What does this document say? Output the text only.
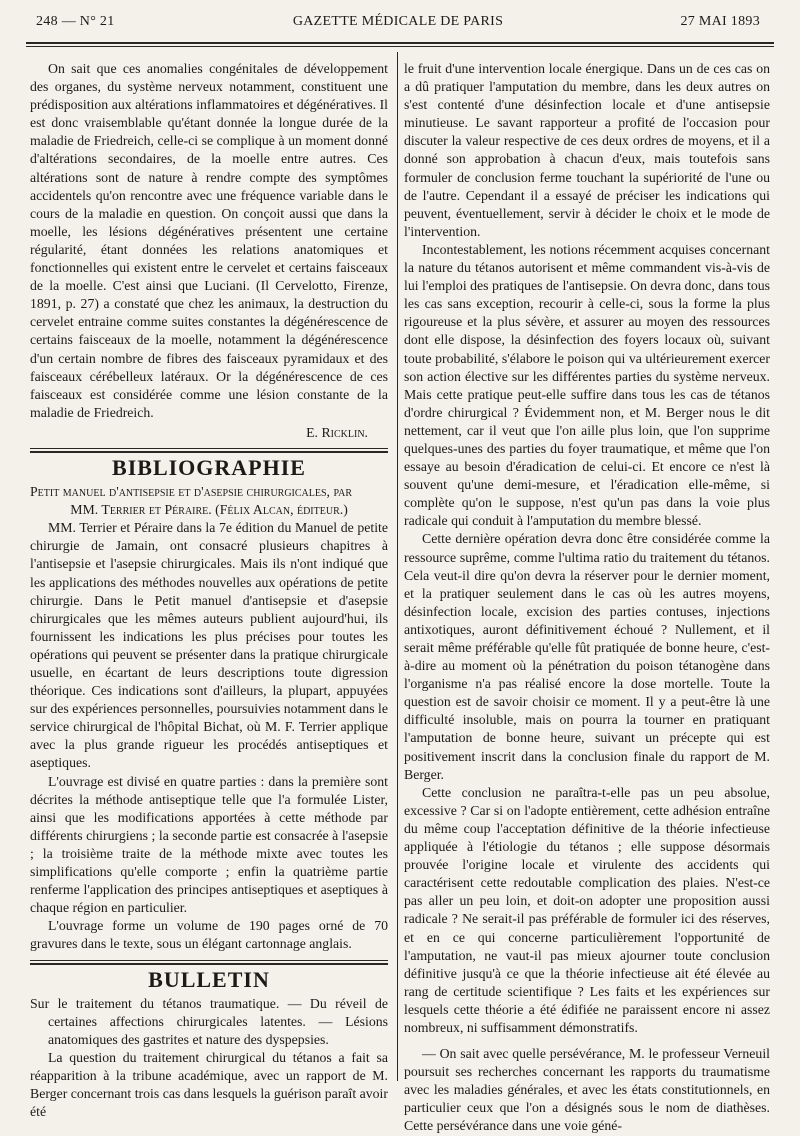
248 — N° 21	GAZETTE MÉDICALE DE PARIS	27 MAI 1893

On sait que ces anomalies congénitales de développement des organes, du système nerveux notamment, constituent une prédisposition aux altérations inflammatoires et dégénératives. Il est donc vraisemblable qu'étant donnée la longue durée de la maladie de Friedreich, celle-ci se complique à un moment donné d'altérations secondaires, de la moelle entre autres. Ces altérations sont de nature à rendre compte des symptômes accidentels qu'on rencontre avec une fréquence variable dans le cours de la maladie en question. On conçoit aussi que dans la moelle, les lésions dégénératives présentent une certaine régularité, étant données les relations anatomiques et fonctionnelles qui existent entre le cervelet et certains faisceaux de la moelle. C'est ainsi que Luciani. (Il Cervelotto, Firenze, 1891, p. 27) a constaté que chez les animaux, la destruction du cervelet entraine comme suites constantes la dégénérescence de certains faisceaux de la moelle, notamment la dégénérescence d'un certain nombre de fibres des faisceaux pyramidaux et des faisceaux cérébelleux latéraux. Or la dégénérescence de ces faisceaux est considérée comme une lésion constante de la maladie de Friedreich.

E. Ricklin.

BIBLIOGRAPHIE

Petit manuel d'antisepsie et d'asepsie chirurgicales, par
MM. Terrier et Péraire. (Félix Alcan, éditeur.)

MM. Terrier et Péraire dans la 7e édition du Manuel de petite chirurgie de Jamain, ont consacré plusieurs chapitres à l'antisepsie et l'asepsie chirurgicales. Mais ils n'ont indiqué que les applications des méthodes nouvelles aux opérations de petite chirurgie. Dans le Petit manuel d'antisepsie et d'asepsie chirurgicales que les mêmes auteurs publient aujourd'hui, ils fournissent les indications les plus précises pour toutes les opérations qui peuvent se présenter dans la pratique chirurgicale usuelle, en écartant de leurs descriptions toute digression théorique. Ces indications sont d'ailleurs, la plupart, appuyées sur des expériences personnelles, poursuivies notamment dans le service chirurgical de l'hôpital Bichat, où M. F. Terrier applique avec la plus grande rigueur les procédés antiseptiques et aseptiques.

L'ouvrage est divisé en quatre parties : dans la première sont décrites la méthode antiseptique telle que l'a formulée Lister, ainsi que les modifications apportées à cette méthode par différents chirurgiens ; la seconde partie est consacrée à l'asepsie ; la troisième traite de la méthode mixte avec toutes les simplifications qu'elle comporte ; enfin la quatrième partie renferme l'application des principes antiseptiques et aseptiques à chaque région en particulier.

L'ouvrage forme un volume de 190 pages orné de 70 gravures dans le texte, sous un élégant cartonnage anglais.

BULLETIN

Sur le traitement du tétanos traumatique. — Du réveil de certaines affections chirurgicales latentes. — Lésions anatomiques des gastrites et nature des dyspepsies.

La question du traitement chirurgical du tétanos a fait sa réapparition à la tribune académique, avec un rapport de M. Berger concernant trois cas dans lesquels la guérison paraît avoir été

le fruit d'une intervention locale énergique. Dans un de ces cas on a dû pratiquer l'amputation du membre, dans les deux autres on s'est contenté d'une désinfection locale et d'une antisepsie minutieuse. Le savant rapporteur a profité de l'occasion pour discuter la valeur respective de ces deux ordres de moyens, et il a donné son approbation à chacun d'eux, mais toutefois sans formuler de conclusion ferme touchant la supériorité de l'une ou de l'autre. Cependant il a essayé de préciser les indications qui peuvent, éventuellement, servir à décider le choix et le mode de l'intervention.

Incontestablement, les notions récemment acquises concernant la nature du tétanos autorisent et même commandent vis-à-vis de lui l'emploi des pratiques de l'antisepsie. On devra donc, dans tous les cas sans exception, recourir à celle-ci, sous la forme la plus rigoureuse et la plus sévère, et assurer au moyen des ressources dont elle dispose, la désinfection des foyers locaux où, suivant toute probabilité, s'élabore le poison qui va ultérieurement exercer son action élective sur les différentes parties du système nerveux. Mais cette pratique peut-elle suffire dans tous les cas de tétanos d'ordre chirurgical ? Évidemment non, et M. Berger nous le dit nettement, car il veut que l'on aille plus loin, que l'on supprime quelques-unes des parties du foyer traumatique, et même que l'on essaye au besoin d'éradication de celui-ci. Et encore ce n'est là souvent qu'une demi-mesure, et l'éradication elle-même, si complète qu'on le suppose, n'est qu'un pas dans la voie plus radicale qui conduit à l'amputation du membre blessé.

Cette dernière opération devra donc être considérée comme la ressource suprême, comme l'ultima ratio du traitement du tétanos. Cela veut-il dire qu'on devra la réserver pour le dernier moment, et la pratiquer seulement dans le cas où les autres moyens, désinfection locale, excision des parties contuses, injections antixotiques, auront définitivement échoué ? Nullement, et il serait même préférable qu'elle fût pratiquée de bonne heure, c'est-à-dire au moment où la pénétration du poison tétanogène dans l'organisme n'a pas réalisé encore la dose mortelle. Toute la question est de savoir choisir ce moment. Il y a peut-être là une difficulté insoluble, mais on pourra la tourner en pratiquant l'amputation de bonne heure, suivant un précepte qui est positivement inscrit dans la conclusion finale du rapport de M. Berger.

Cette conclusion ne paraîtra-t-elle pas un peu absolue, excessive ? Car si on l'adopte entièrement, cette adhésion entraîne du même coup l'acceptation définitive de la théorie infectieuse appliquée à l'étiologie du tétanos ; elle suppose désormais prouvée l'origine locale et virulente des accidents qui caractérisent cette redoutable complication des plaies. N'est-ce pas aller un peu loin, et doit-on adopter une proposition aussi radicale ? Ne serait-il pas préférable de formuler ici des réserves, et en ce qui concerne particulièrement l'opportunité de l'amputation, ne vaut-il pas mieux ajourner toute conclusion définitive jusqu'à ce que la théorie infectieuse ait été élevée au rang de certitude scientifique ? Les faits et les expériences sur lesquels cette théorie a été édifiée ne paraissent encore ni assez nombreux, ni suffisamment démonstratifs.

— On sait avec quelle persévérance, M. le professeur Verneuil poursuit ses recherches concernant les rapports du traumatisme avec les maladies générales, et avec les états constitutionnels, en particulier ceux que l'on a désignés sous le nom de diathèses. Cette persévérance dans une voie géné-
